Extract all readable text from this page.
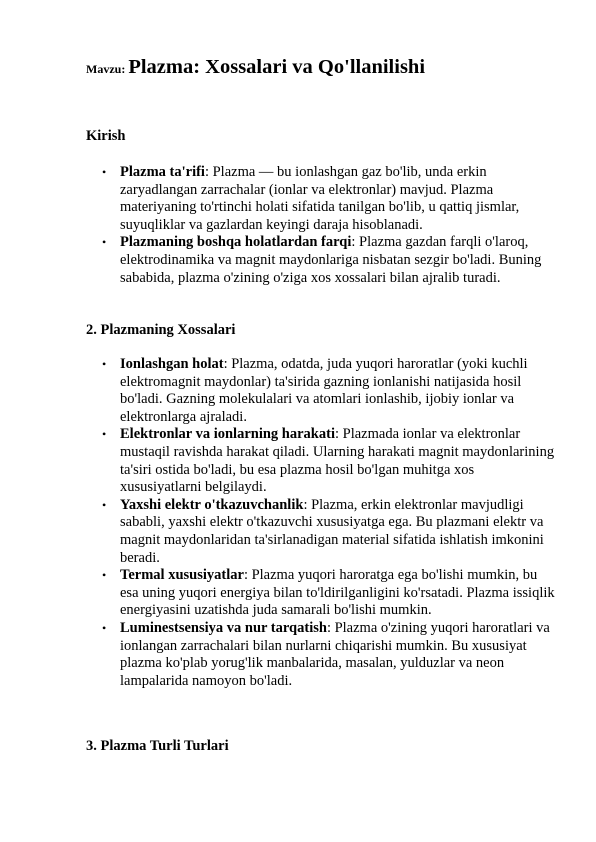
Mavzu: Plazma: Xossalari va Qo'llanilishi
Kirish
• Plazma ta'rifi: Plazma — bu ionlashgan gaz bo'lib, unda erkin zaryadlangan zarrachalar (ionlar va elektronlar) mavjud. Plazma materiyaning to'rtinchi holati sifatida tanilgan bo'lib, u qattiq jismlar, suyuqliklar va gazlardan keyingi daraja hisoblanadi.
• Plazmaning boshqa holatlardan farqi: Plazma gazdan farqli o'laroq, elektrodinamika va magnit maydonlariga nisbatan sezgir bo'ladi. Buning sababida, plazma o'zining o'ziga xos xossalari bilan ajralib turadi.
2. Plazmaning Xossalari
• Ionlashgan holat: Plazma, odatda, juda yuqori haroratlar (yoki kuchli elektromagnit maydonlar) ta'sirida gazning ionlanishi natijasida hosil bo'ladi. Gazning molekulalari va atomlari ionlashib, ijobiy ionlar va elektronlarga ajraladi.
• Elektronlar va ionlarning harakati: Plazmada ionlar va elektronlar mustaqil ravishda harakat qiladi. Ularning harakati magnit maydonlarining ta'siri ostida bo'ladi, bu esa plazma hosil bo'lgan muhitga xos xususiyatlarni belgilaydi.
• Yaxshi elektr o'tkazuvchanlik: Plazma, erkin elektronlar mavjudligi sababli, yaxshi elektr o'tkazuvchi xususiyatga ega. Bu plazmani elektr va magnit maydonlaridan ta'sirlanadigan material sifatida ishlatish imkonini beradi.
• Termal xususiyatlar: Plazma yuqori haroratga ega bo'lishi mumkin, bu esa uning yuqori energiya bilan to'ldirilganligini ko'rsatadi. Plazma issiqlik energiyasini uzatishda juda samarali bo'lishi mumkin.
• Luminestsensiya va nur tarqatish: Plazma o'zining yuqori haroratlari va ionlangan zarrachalari bilan nurlarni chiqarishi mumkin. Bu xususiyat plazma ko'plab yorug'lik manbalarida, masalan, yulduzlar va neon lampalarida namoyon bo'ladi.
3. Plazma Turli Turlari
